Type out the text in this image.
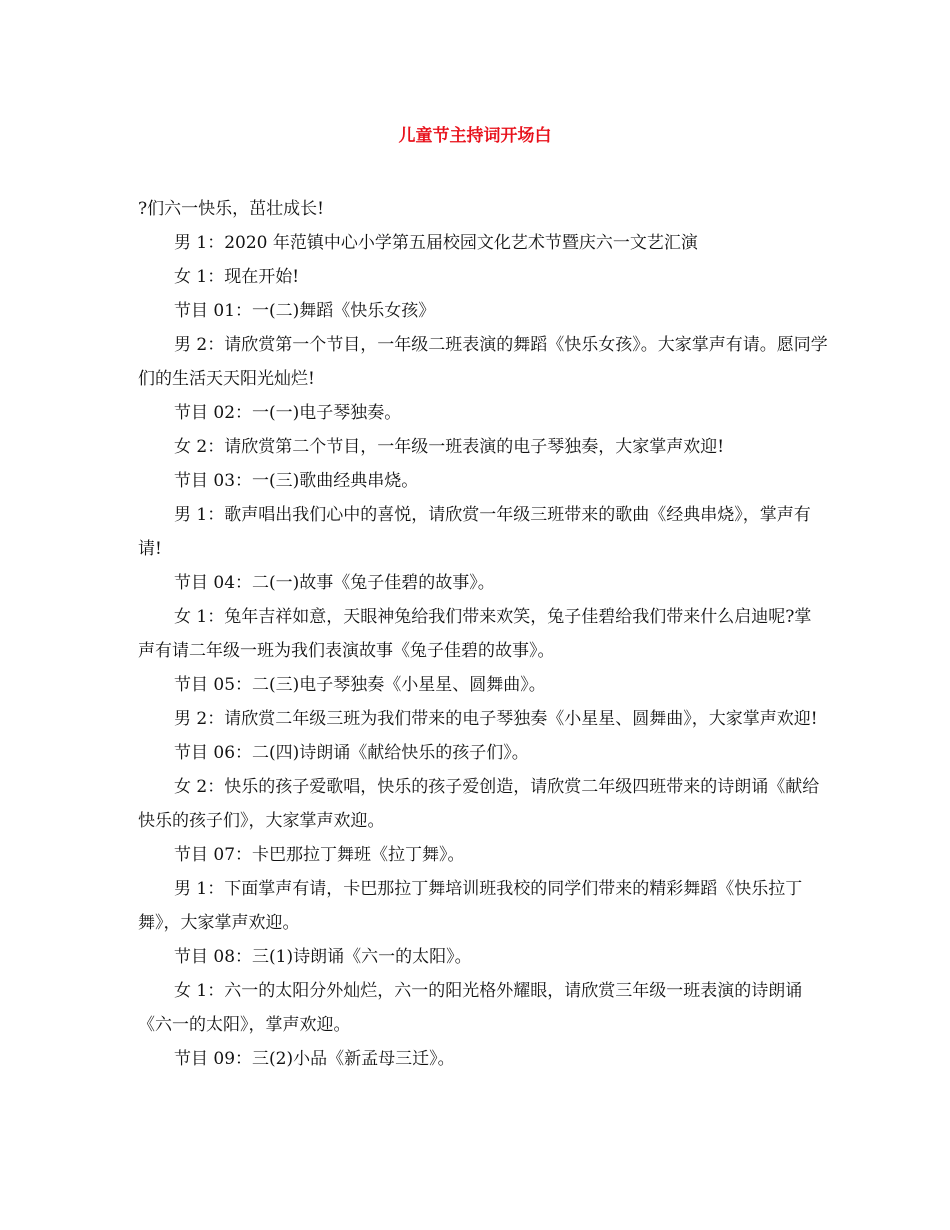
儿童节主持词开场白

?们六一快乐，茁壮成长!

男 1：2020 年范镇中心小学第五届校园文化艺术节暨庆六一文艺汇演

女 1：现在开始!

节目 01：一(二)舞蹈《快乐女孩》

男 2：请欣赏第一个节目，一年级二班表演的舞蹈《快乐女孩》。大家掌声有请。愿同学们的生活天天阳光灿烂!

节目 02：一(一)电子琴独奏。

女 2：请欣赏第二个节目，一年级一班表演的电子琴独奏，大家掌声欢迎!

节目 03：一(三)歌曲经典串烧。

男 1：歌声唱出我们心中的喜悦，请欣赏一年级三班带来的歌曲《经典串烧》，掌声有请!

节目 04：二(一)故事《兔子佳碧的故事》。

女 1：兔年吉祥如意，天眼神兔给我们带来欢笑，兔子佳碧给我们带来什么启迪呢?掌声有请二年级一班为我们表演故事《兔子佳碧的故事》。

节目 05：二(三)电子琴独奏《小星星、圆舞曲》。

男 2：请欣赏二年级三班为我们带来的电子琴独奏《小星星、圆舞曲》，大家掌声欢迎!

节目 06：二(四)诗朗诵《献给快乐的孩子们》。

女 2：快乐的孩子爱歌唱，快乐的孩子爱创造，请欣赏二年级四班带来的诗朗诵《献给快乐的孩子们》，大家掌声欢迎。

节目 07：卡巴那拉丁舞班《拉丁舞》。

男 1：下面掌声有请，卡巴那拉丁舞培训班我校的同学们带来的精彩舞蹈《快乐拉丁舞》，大家掌声欢迎。

节目 08：三(1)诗朗诵《六一的太阳》。

女 1：六一的太阳分外灿烂，六一的阳光格外耀眼，请欣赏三年级一班表演的诗朗诵《六一的太阳》，掌声欢迎。

节目 09：三(2)小品《新孟母三迁》。
